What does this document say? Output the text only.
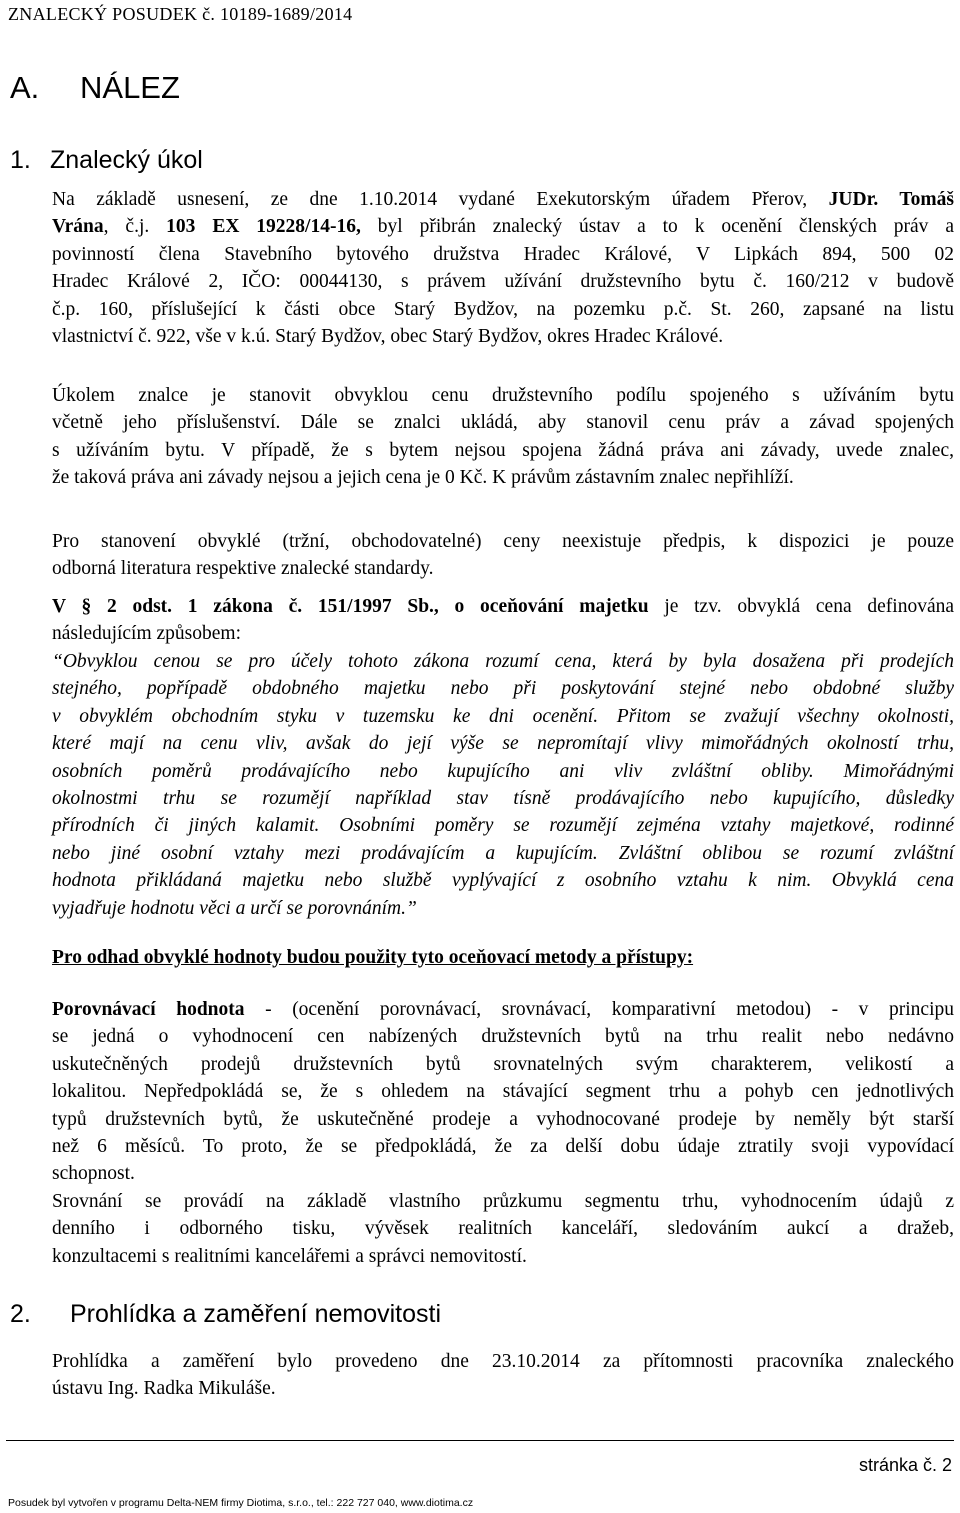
ZNALECKÝ POSUDEK č. 10189-1689/2014
A. NÁLEZ
1. Znalecký úkol
Na základě usnesení, ze dne 1.10.2014 vydané Exekutorským úřadem Přerov, JUDr. Tomáš
Vrána, č.j. 103 EX 19228/14-16, byl přibrán znalecký ústav a to k ocenění členských práv a
povinností člena Stavebního bytového družstva Hradec Králové, V Lipkách 894, 500 02
Hradec Králové 2, IČO: 00044130, s právem užívání družstevního bytu č. 160/212 v budově
č.p. 160, příslušející k části obce Starý Bydžov, na pozemku p.č. St. 260, zapsané na listu
vlastnictví č. 922, vše v k.ú. Starý Bydžov, obec Starý Bydžov, okres Hradec Králové.
Úkolem znalce je stanovit obvyklou cenu družstevního podílu spojeného s užíváním bytu
včetně jeho příslušenství. Dále se znalci ukládá, aby stanovil cenu práv a závad spojených
s užíváním bytu. V případě, že s bytem nejsou spojena žádná práva ani závady, uvede znalec,
že taková práva ani závady nejsou a jejich cena je 0 Kč. K právům zástavním znalec nepřihlíží.
Pro stanovení obvyklé (tržní, obchodovatelné) ceny neexistuje předpis, k dispozici je pouze
odborná literatura respektive znalecké standardy.
V § 2 odst. 1 zákona č. 151/1997 Sb., o oceňování majetku je tzv. obvyklá cena definována
následujícím způsobem:
“Obvyklou cenou se pro účely tohoto zákona rozumí cena, která by byla dosažena při prodejích
stejného, popřípadě obdobného majetku nebo při poskytování stejné nebo obdobné služby
v obvyklém obchodním styku v tuzemsku ke dni ocenění. Přitom se zvažují všechny okolnosti,
které mají na cenu vliv, avšak do její výše se nepromítají vlivy mimořádných okolností trhu,
osobních poměrů prodávajícího nebo kupujícího ani vliv zvláštní obliby. Mimořádnými
okolnostmi trhu se rozumějí například stav tísně prodávajícího nebo kupujícího, důsledky
přírodních či jiných kalamit. Osobními poměry se rozumějí zejména vztahy majetkové, rodinné
nebo jiné osobní vztahy mezi prodávajícím a kupujícím. Zvláštní oblibou se rozumí zvláštní
hodnota přikládaná majetku nebo službě vyplývající z osobního vztahu k nim. Obvyklá cena
vyjadřuje hodnotu věci a určí se porovnáním.”
Pro odhad obvyklé hodnoty budou použity tyto oceňovací metody a přístupy:
Porovnávací hodnota - (ocenění porovnávací, srovnávací, komparativní metodou) - v principu
se jedná o vyhodnocení cen nabízených družstevních bytů na trhu realit nebo nedávno
uskutečněných prodejů družstevních bytů srovnatelných svým charakterem, velikostí a
lokalitou. Nepředpokládá se, že s ohledem na stávající segment trhu a pohyb cen jednotlivých
typů družstevních bytů, že uskutečněné prodeje a vyhodnocované prodeje by neměly být starší
než 6 měsíců. To proto, že se předpokládá, že za delší dobu údaje ztratily svoji vypovídací
schopnost.
Srovnání se provádí na základě vlastního průzkumu segmentu trhu, vyhodnocením údajů z
denního i odborného tisku, vývěsek realitních kanceláří, sledováním aukcí a dražeb,
konzultacemi s realitními kancelářemi a správci nemovitostí.
2. Prohlídka a zaměření nemovitosti
Prohlídka a zaměření bylo provedeno dne 23.10.2014 za přítomnosti pracovníka znaleckého
ústavu Ing. Radka Mikuláše.
stránka č. 2
Posudek byl vytvořen v programu Delta-NEM firmy Diotima, s.r.o., tel.: 222 727 040, www.diotima.cz
